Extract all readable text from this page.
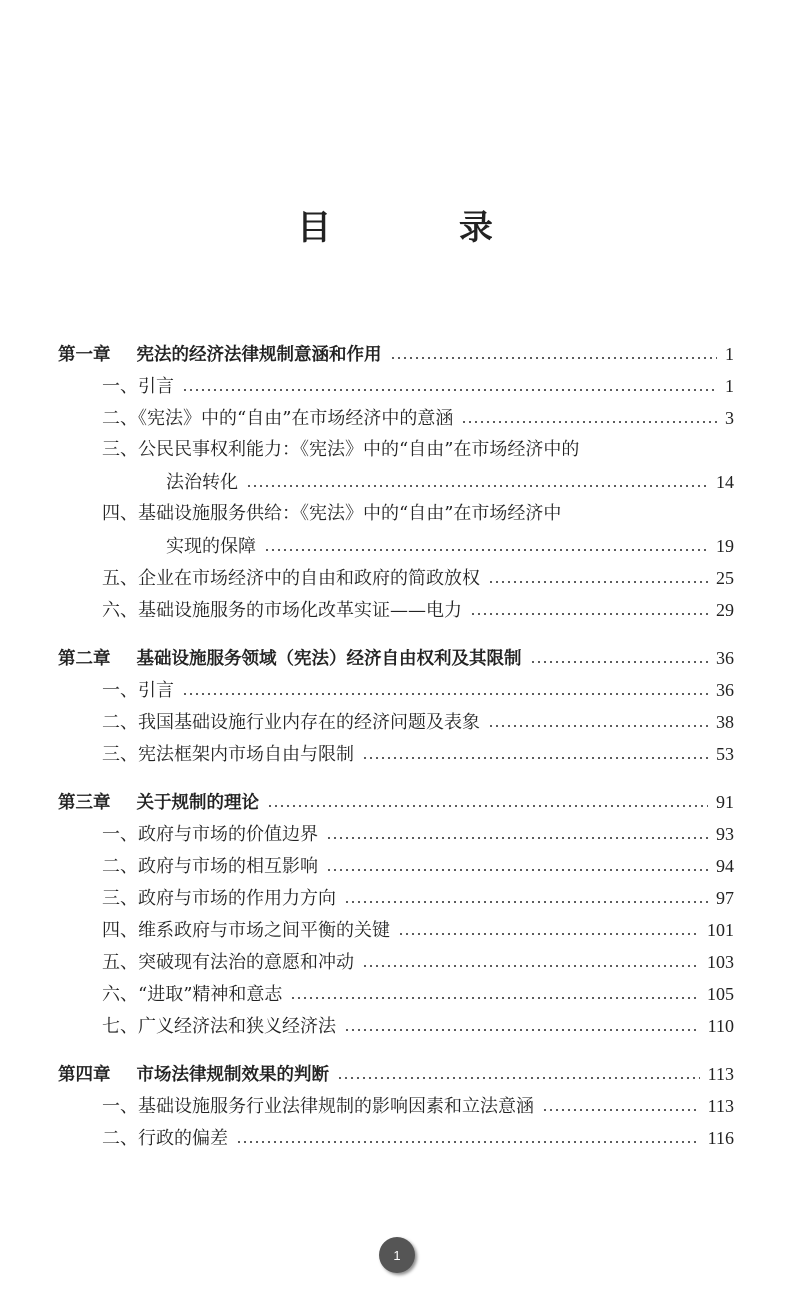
目 录
第一章 宪法的经济法律规制意涵和作用	1
一、引言	1
二、《宪法》中的“自由”在市场经济中的意涵	3
三、公民民事权利能力：《宪法》中的“自由”在市场经济中的
法治转化	14
四、基础设施服务供给：《宪法》中的“自由”在市场经济中
实现的保障	19
五、企业在市场经济中的自由和政府的简政放权	25
六、基础设施服务的市场化改革实证——电力	29
第二章 基础设施服务领域（宪法）经济自由权利及其限制	36
一、引言	36
二、我国基础设施行业内存在的经济问题及表象	38
三、宪法框架内市场自由与限制	53
第三章 关于规制的理论	91
一、政府与市场的价值边界	93
二、政府与市场的相互影响	94
三、政府与市场的作用力方向	97
四、维系政府与市场之间平衡的关键	101
五、突破现有法治的意愿和冲动	103
六、“进取”精神和意志	105
七、广义经济法和狭义经济法	110
第四章 市场法律规制效果的判断	113
一、基础设施服务行业法律规制的影响因素和立法意涵	113
二、行政的偏差	116
1
